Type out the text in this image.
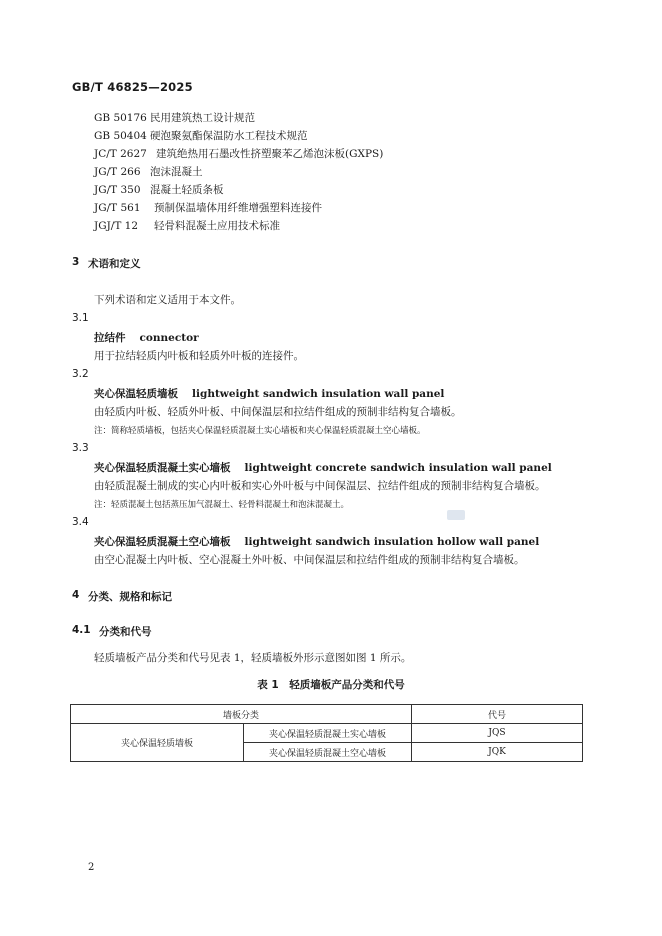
GB/T 46825—2025
GB 50176 民用建筑热工设计规范
GB 50404 硬泡聚氨酯保温防水工程技术规范
JC/T 2627 建筑绝热用石墨改性挤塑聚苯乙烯泡沫板(GXPS)
JG/T 266 泡沫混凝土
JG/T 350 混凝土轻质条板
JG/T 561 预制保温墙体用纤维增强塑料连接件
JGJ/T 12 轻骨料混凝土应用技术标准
3 术语和定义
下列术语和定义适用于本文件。
3.1
拉结件 connector
用于拉结轻质内叶板和轻质外叶板的连接件。
3.2
夹心保温轻质墙板 lightweight sandwich insulation wall panel
由轻质内叶板、轻质外叶板、中间保温层和拉结件组成的预制非结构复合墙板。
注：简称轻质墙板，包括夹心保温轻质混凝土实心墙板和夹心保温轻质混凝土空心墙板。
3.3
夹心保温轻质混凝土实心墙板 lightweight concrete sandwich insulation wall panel
由轻质混凝土制成的实心内叶板和实心外叶板与中间保温层、拉结件组成的预制非结构复合墙板。
注：轻质混凝土包括蒸压加气混凝土、轻骨料混凝土和泡沫混凝土。
3.4
夹心保温轻质混凝土空心墙板 lightweight sandwich insulation hollow wall panel
由空心混凝土内叶板、空心混凝土外叶板、中间保温层和拉结件组成的预制非结构复合墙板。
4 分类、规格和标记
4.1 分类和代号
轻质墙板产品分类和代号见表 1，轻质墙板外形示意图如图 1 所示。
表 1　轻质墙板产品分类和代号
墙板分类		代号
夹心保温轻质墙板	夹心保温轻质混凝土实心墙板	JQS
	夹心保温轻质混凝土空心墙板	JQK
2
